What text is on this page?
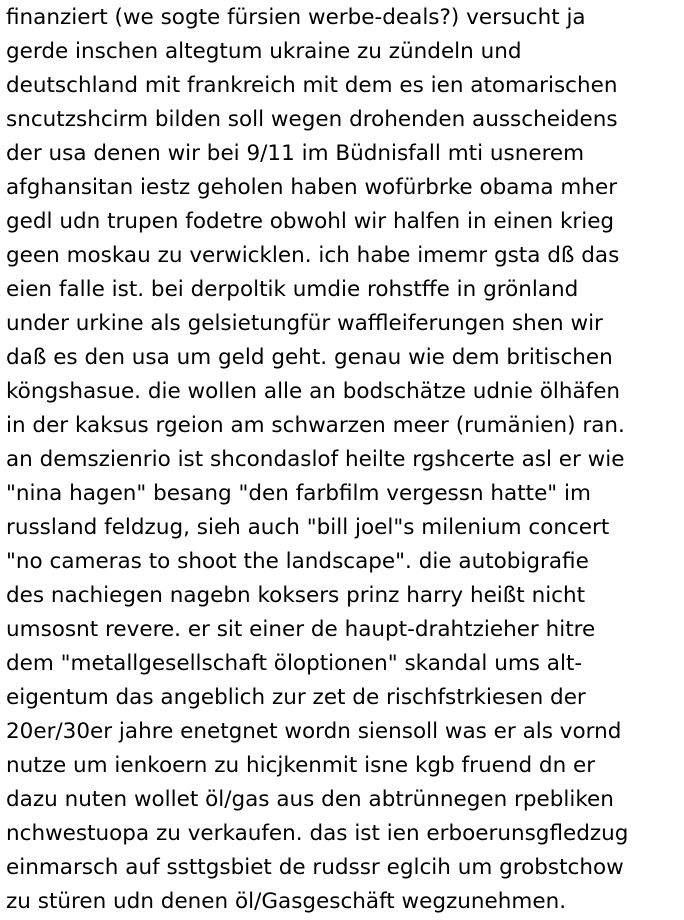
finanziert (we sogte fürsien werbe-deals?) versucht ja
gerde inschen altegtum ukraine zu zündeln und
deutschland mit frankreich mit dem es ien atomarischen
sncutzshcirm bilden soll wegen drohenden ausscheidens
der usa denen wir bei 9/11 im Büdnisfall mti usnerem
afghansitan iestz geholen haben wofürbrke obama mher
gedl udn trupen fodetre obwohl wir halfen in einen krieg
geen moskau zu verwicklen. ich habe imemr gsta dß das
eien falle ist. bei derpoltik umdie rohstffe in grönland
under urkine als gelsietungfür waffleiferungen shen wir
daß es den usa um geld geht. genau wie dem britischen
köngshasue. die wollen alle an bodschätze udnie ölhäfen
in der kaksus rgeion am schwarzen meer (rumänien) ran.
an demszienrio ist shcondaslof heilte rgshcerte asl er wie
"nina hagen" besang "den farbfilm vergessn hatte" im
russland feldzug, sieh auch "bill joel"s milenium concert
"no cameras to shoot the landscape". die autobigrafie
des nachiegen nagebn koksers prinz harry heißt nicht
umsosnt revere. er sit einer de haupt-drahtzieher hitre
dem "metallgesellschaft öloptionen" skandal ums alt-
eigentum das angeblich zur zet de rischfstrkiesen der
20er/30er jahre enetgnet wordn siensoll was er als vornd
nutze um ienkoern zu hicjkenmit isne kgb fruend dn er
dazu nuten wollet öl/gas aus den abtrünnegen rpebliken
nchwestuopa zu verkaufen. das ist ien erboerunsgfledzug
einmarsch auf ssttgsbiet de rudssr eglcih um grobstchow
zu stüren udn denen öl/Gasgeschäft wegzunehmen.
